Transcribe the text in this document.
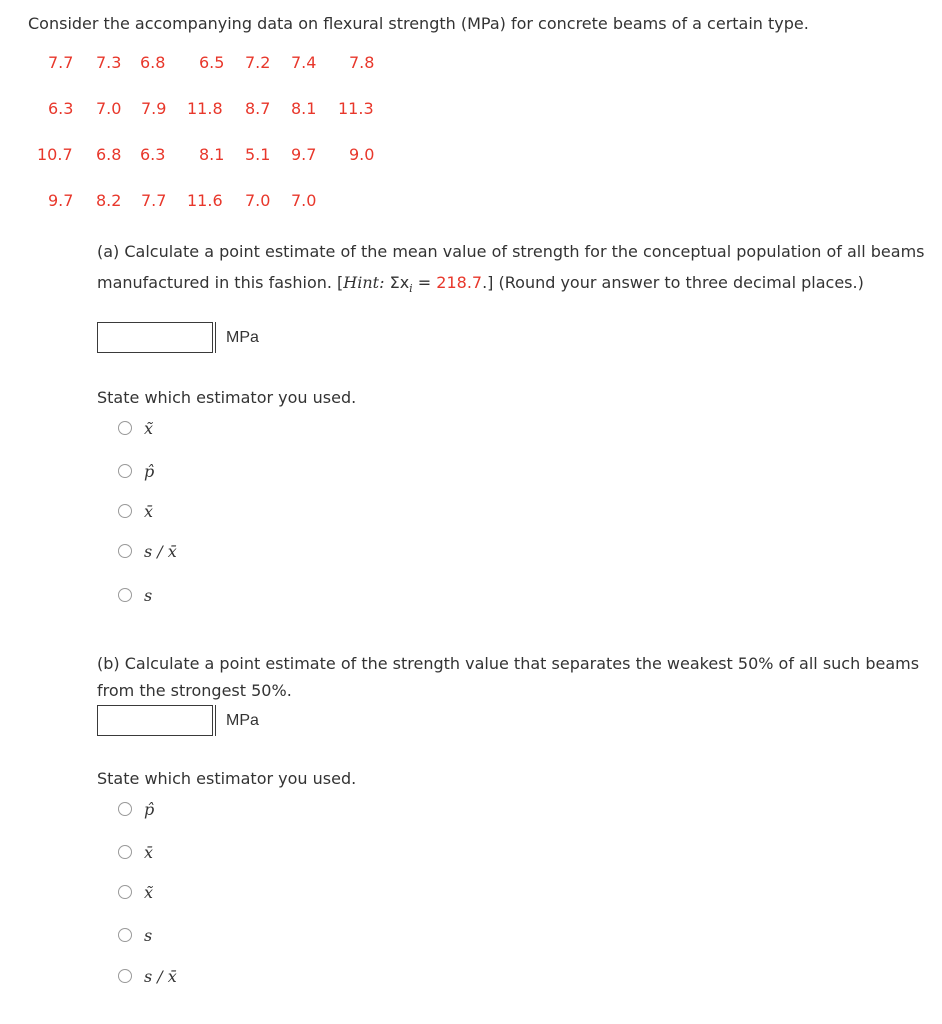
Consider the accompanying data on flexural strength (MPa) for concrete beams of a certain type.
7.7 7.3 6.8 6.5 7.2 7.4 7.8
6.3 7.0 7.9 11.8 8.7 8.1 11.3
10.7 6.8 6.3 8.1 5.1 9.7 9.0
9.7 8.2 7.7 11.6 7.0 7.0
(a) Calculate a point estimate of the mean value of strength for the conceptual population of all beams manufactured in this fashion. [Hint: $\Sigma x_i = 218.7$.] (Round your answer to three decimal places.)
MPa
State which estimator you used.
x̃
p̂
x̄
s / x̄
s
(b) Calculate a point estimate of the strength value that separates the weakest 50% of all such beams from the strongest 50%.
MPa
State which estimator you used.
p̂
x̄
x̃
s
s / x̄
